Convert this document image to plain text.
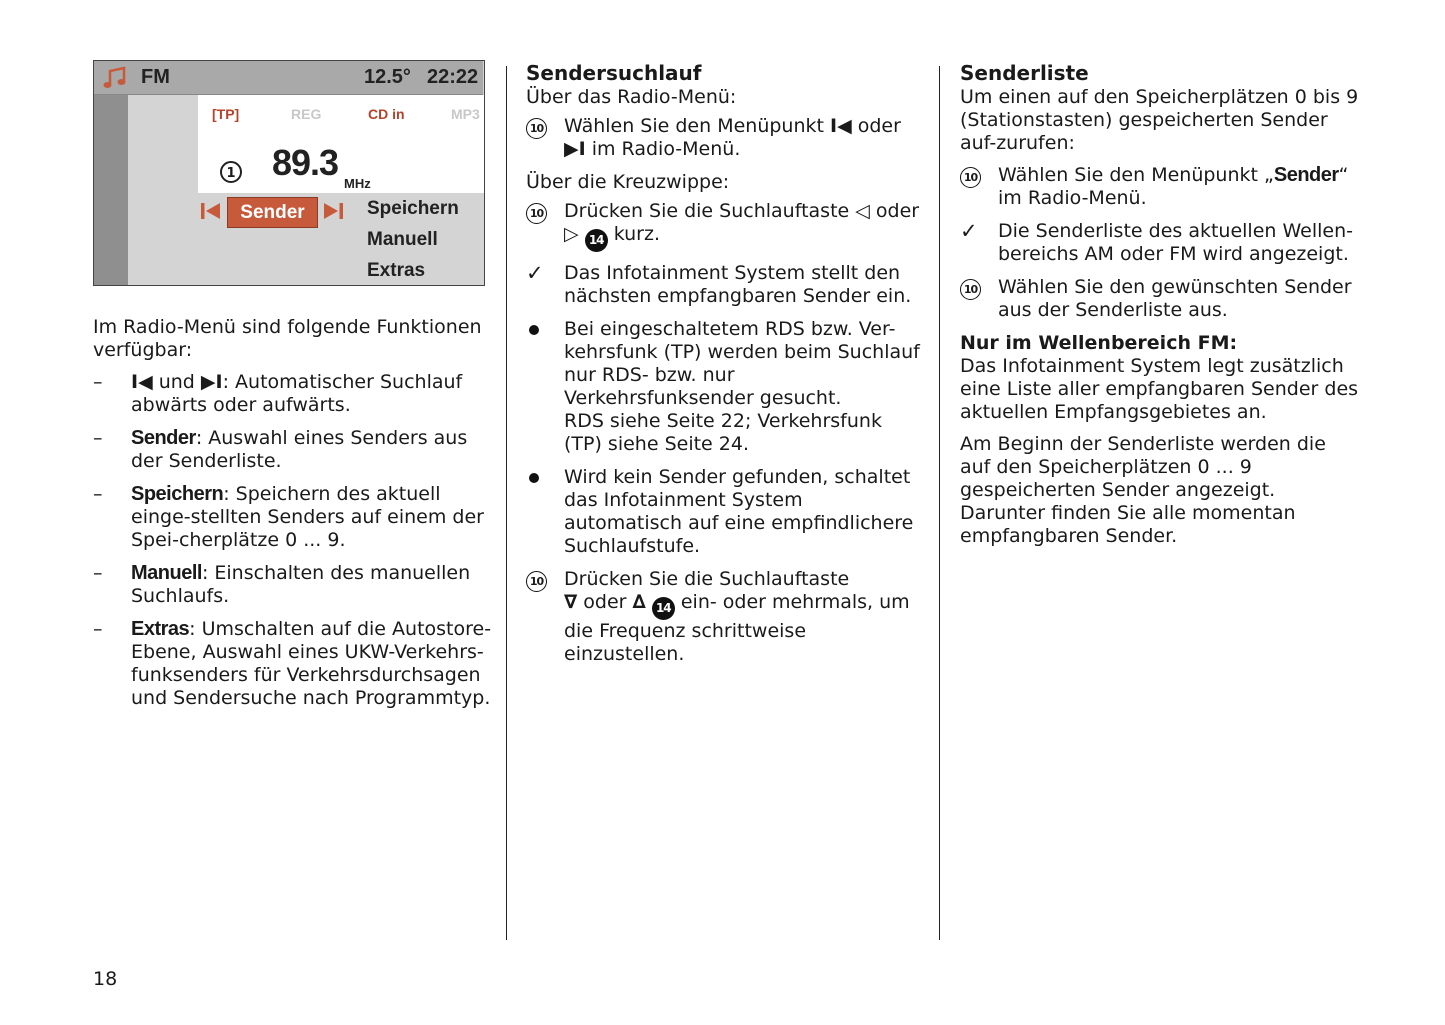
FM	12.5° 22:22
[TP]	REG	CD in	MP3
1 89.3
MHz
Sender	Speichern
Manuell
Extras

Im Radio-Menü sind folgende Funktionen verfügbar:

–	I◀ und ▶I: Automatischer Suchlauf abwärts oder aufwärts.
–	Sender: Auswahl eines Senders aus der Senderliste.
–	Speichern: Speichern des aktuell einge-stellten Senders auf einem der Spei-cherplätze 0 ... 9.
–	Manuell: Einschalten des manuellen Suchlaufs.
–	Extras: Umschalten auf die Autostore-Ebene, Auswahl eines UKW-Verkehrs-funksenders für Verkehrsdurchsagen und Sendersuche nach Programmtyp.
Sendersuchlauf

Über das Radio-Menü:

10	Wählen Sie den Menüpunkt I◀ oder ▶I im Radio-Menü.

Über die Kreuzwippe:

10	Drücken Sie die Suchlauftaste ◁ oder ▷ 14 kurz.
✓	Das Infotainment System stellt den nächsten empfangbaren Sender ein.
Bei eingeschaltetem RDS bzw. Ver-kehrsfunk (TP) werden beim Suchlauf nur RDS- bzw. nur Verkehrsfunksender gesucht.
RDS siehe Seite 22; Verkehrsfunk (TP) siehe Seite 24.
Wird kein Sender gefunden, schaltet das Infotainment System automatisch auf eine empfindlichere Suchlaufstufe.
10	Drücken Sie die Suchlauftaste
∇ oder ∆ 14 ein- oder mehrmals, um die Frequenz schrittweise einzustellen.
Senderliste

Um einen auf den Speicherplätzen 0 bis 9 (Stationstasten) gespeicherten Sender auf-zurufen:

10	Wählen Sie den Menüpunkt „Sender“ im Radio-Menü.
✓	Die Senderliste des aktuellen Wellen-bereichs AM oder FM wird angezeigt.
10	Wählen Sie den gewünschten Sender aus der Senderliste aus.
Nur im Wellenbereich FM:

Das Infotainment System legt zusätzlich eine Liste aller empfangbaren Sender des aktuellen Empfangsgebietes an.

Am Beginn der Senderliste werden die auf den Speicherplätzen 0 ... 9 gespeicherten Sender angezeigt. Darunter finden Sie alle momentan empfangbaren Sender.

18
